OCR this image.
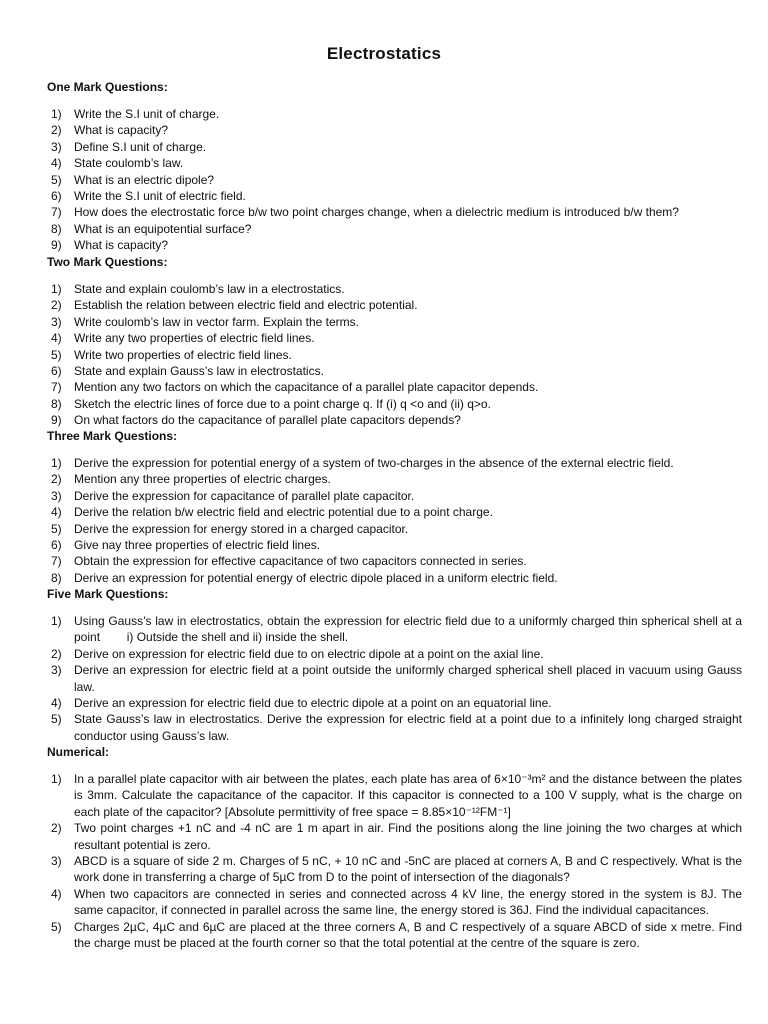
Electrostatics
One Mark Questions:
1) Write the S.I unit of charge.
2) What is capacity?
3) Define S.I unit of charge.
4) State coulomb’s law.
5) What is an electric dipole?
6) Write the S.I unit of electric field.
7) How does the electrostatic force b/w two point charges change, when a dielectric medium is introduced b/w them?
8) What is an equipotential surface?
9) What is capacity?
Two Mark Questions:
1) State and explain coulomb’s law in a electrostatics.
2) Establish the relation between electric field and electric potential.
3) Write coulomb’s law in vector farm. Explain the terms.
4) Write any two properties of electric field lines.
5) Write two properties of electric field lines.
6) State and explain Gauss’s law in electrostatics.
7) Mention any two factors on which the capacitance of a parallel plate capacitor depends.
8) Sketch the electric lines of force due to a point charge q. If (i) q <o and (ii) q>o.
9) On what factors do the capacitance of parallel plate capacitors depends?
Three Mark Questions:
1) Derive the expression for potential energy of a system of two-charges in the absence of the external electric field.
2) Mention any three properties of electric charges.
3) Derive the expression for capacitance of parallel plate capacitor.
4) Derive the relation b/w electric field and electric potential due to a point charge.
5) Derive the expression for energy stored in a charged capacitor.
6) Give nay three properties of electric field lines.
7) Obtain the expression for effective capacitance of two capacitors connected in series.
8) Derive an expression for potential energy of electric dipole placed in a uniform electric field.
Five Mark Questions:
1) Using Gauss’s law in electrostatics, obtain the expression for electric field due to a uniformly charged thin spherical shell at a point        i) Outside the shell and ii) inside the shell.
2) Derive on expression for electric field due to on electric dipole at a point on the axial line.
3) Derive an expression for electric field at a point outside the uniformly charged spherical shell placed in vacuum using Gauss law.
4) Derive an expression for electric field due to electric dipole at a point on an equatorial line.
5) State Gauss’s law in electrostatics. Derive the expression for electric field at a point due to a infinitely long charged straight conductor using Gauss’s law.
Numerical:
1) In a parallel plate capacitor with air between the plates, each plate has area of 6×10⁻³m² and the distance between the plates is 3mm. Calculate the capacitance of the capacitor. If this capacitor is connected to a 100 V supply, what is the charge on each plate of the capacitor? [Absolute permittivity of free space = 8.85×10⁻¹²FM⁻¹]
2) Two point charges +1 nC and -4 nC are 1 m apart in air. Find the positions along the line joining the two charges at which resultant potential is zero.
3) ABCD is a square of side 2 m. Charges of 5 nC, + 10 nC and -5nC are placed at corners A, B and C respectively. What is the work done in transferring a charge of 5µC from D to the point of intersection of the diagonals?
4) When two capacitors are connected in series and connected across 4 kV line, the energy stored in the system is 8J. The same capacitor, if connected in parallel across the same line, the energy stored is 36J. Find the individual capacitances.
5) Charges 2µC, 4µC and 6µC are placed at the three corners A, B and C respectively of a square ABCD of side x metre. Find the charge must be placed at the fourth corner so that the total potential at the centre of the square is zero.
